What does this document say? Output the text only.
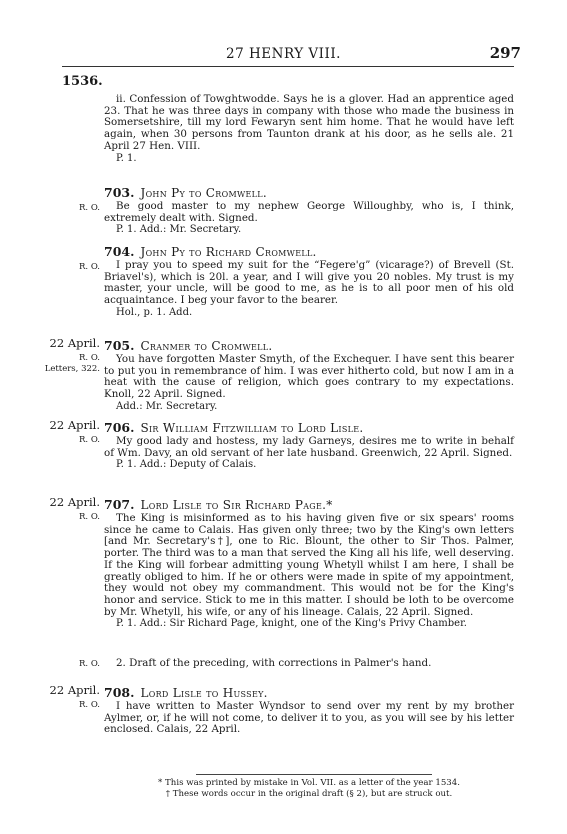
27 HENRY VIII.	297
1536.

ii. Confession of Towghtwodde. Says he is a glover. Had an apprentice aged 23. That he was three days in company with those who made the business in Somersetshire, till my lord Fewaryn sent him home. That he would have left again, when 30 persons from Taunton drank at his door, as he sells ale. 21 April 27 Hen. VIII.

P. 1.

703. John Py to Cromwell.
R. O.	Be good master to my nephew George Willoughby, who is, I think, extremely dealt with. Signed.

P. 1. Add.: Mr. Secretary.

704. John Py to Richard Cromwell.
R. O.	I pray you to speed my suit for the “Fegere'g” (vicarage?) of Brevell (St. Briavel's), which is 20l. a year, and I will give you 20 nobles. My trust is my master, your uncle, will be good to me, as he is to all poor men of his old acquaintance. I beg your favor to the bearer.

Hol., p. 1. Add.

22 April. 705. Cranmer to Cromwell.
R. O.
Letters, 322.

You have forgotten Master Smyth, of the Exchequer. I have sent this bearer to put you in remembrance of him. I was ever hitherto cold, but now I am in a heat with the cause of religion, which goes contrary to my expectations. Knoll, 22 April. Signed.

Add.: Mr. Secretary.

22 April. 706. Sir William Fitzwilliam to Lord Lisle.
R. O.	My good lady and hostess, my lady Garneys, desires me to write in behalf of Wm. Davy, an old servant of her late husband. Greenwich, 22 April. Signed.

P. 1. Add.: Deputy of Calais.

22 April. 707. Lord Lisle to Sir Richard Page.*
R. O.	The King is misinformed as to his having given five or six spears' rooms since he came to Calais. Has given only three; two by the King's own letters [and Mr. Secretary's†], one to Ric. Blount, the other to Sir Thos. Palmer, porter. The third was to a man that served the King all his life, well deserving. If the King will forbear admitting young Whetyll whilst I am here, I shall be greatly obliged to him. If he or others were made in spite of my appointment, they would not obey my commandment. This would not be for the King's honor and service. Stick to me in this matter. I should be loth to be overcome by Mr. Whetyll, his wife, or any of his lineage. Calais, 22 April. Signed.

P. 1. Add.: Sir Richard Page, knight, one of the King's Privy Chamber.

R. O.	2. Draft of the preceding, with corrections in Palmer's hand.

22 April. 708. Lord Lisle to Hussey.
R. O.	I have written to Master Wyndsor to send over my rent by my brother Aylmer, or, if he will not come, to deliver it to you, as you will see by his letter enclosed. Calais, 22 April.

* This was printed by mistake in Vol. VII. as a letter of the year 1534.
† These words occur in the original draft (§ 2), but are struck out.
